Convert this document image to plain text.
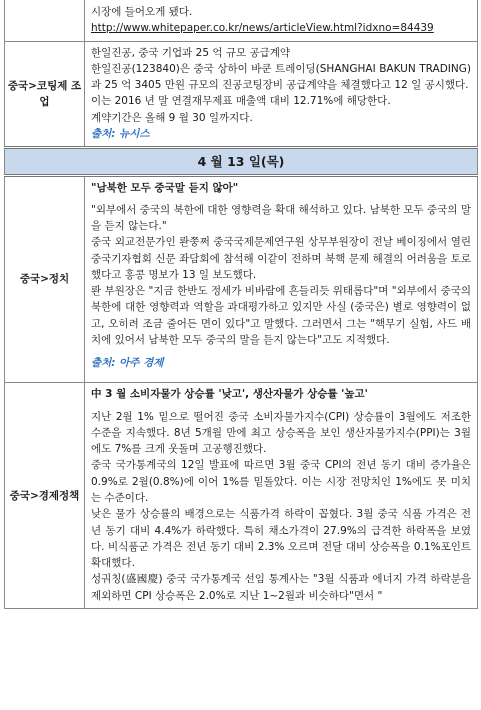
	시장에 들어오게 됐다.
http://www.whitepaper.co.kr/news/articleView.html?idxno=84439

중국>코팅제 조업	한일진공, 중국 기업과 25 억 규모 공급계약
한일진공(123840)은 중국 상하이 바쿤 트레이딩(SHANGHAI BAKUN TRADING)과 25 억 3405 만원 규모의 진공코팅장비 공급계약을 체결했다고 12 일 공시했다.
이는 2016 년 말 연결재무제표 매출액 대비 12.71%에 해당한다.
계약기간은 올해 9 월 30 일까지다.
출처: 뉴시스

4 월 13 일(목)	
중국>정치	"남북한 모두 중국말 듣지 않아"
"외부에서 중국의 북한에 대한 영향력을 확대 해석하고 있다. 남북한 모두 중국의 말을 듣지 않는다."
중국 외교전문가인 롼쭝쩌 중국국제문제연구원 상무부원장이 전날 베이징에서 열린 중국기자협회 신문 좌담회에 참석해 이같이 전하며 북핵 문제 해결의 어려움을 토로했다고 홍콩 명보가 13 일 보도했다.
롼 부원장은 "지금 한반도 정세가 비바람에 흔들리듯 위태롭다"며 "외부에서 중국의 북한에 대한 영향력과 역할을 과대평가하고 있지만 사실 (중국은) 별로 영향력이 없고, 오히려 조금 줄어든 면이 있다"고 말했다. 그러면서 그는 "핵무기 실험, 사드 배치에 있어서 남북한 모두 중국의 말을 듣지 않는다"고도 지적했다.
출처: 아주 경제

중국>경제정책	中 3 월 소비자물가 상승률 '낮고', 생산자물가 상승률 '높고'
지난 2월 1% 밑으로 떨어진 중국 소비자물가지수(CPI) 상승률이 3월에도 저조한 수준을 지속했다. 8년 5개월 만에 최고 상승폭을 보인 생산자물가지수(PPI)는 3월에도 7%를 크게 웃돌며 고공행진했다.
중국 국가통계국의 12일 발표에 따르면 3월 중국 CPI의 전년 동기 대비 증가율은 0.9%로 2월(0.8%)에 이어 1%를 밑돌았다. 이는 시장 전망치인 1%에도 못 미치는 수준이다.
낮은 물가 상승률의 배경으로는 식품가격 하락이 꼽혔다. 3월 중국 식품 가격은 전년 동기 대비 4.4%가 하락했다. 특히 채소가격이 27.9%의 급격한 하락폭을 보였다. 비식품군 가격은 전년 동기 대비 2.3% 오르며 전달 대비 상승폭을 0.1%포인트 확대했다.
성궈칭(盛國慶) 중국 국가통계국 선임 통계사는 "3월 식품과 에너지 가격 하락분을 제외하면 CPI 상승폭은 2.0%로 지난 1~2월과 비슷하다"면서 "
